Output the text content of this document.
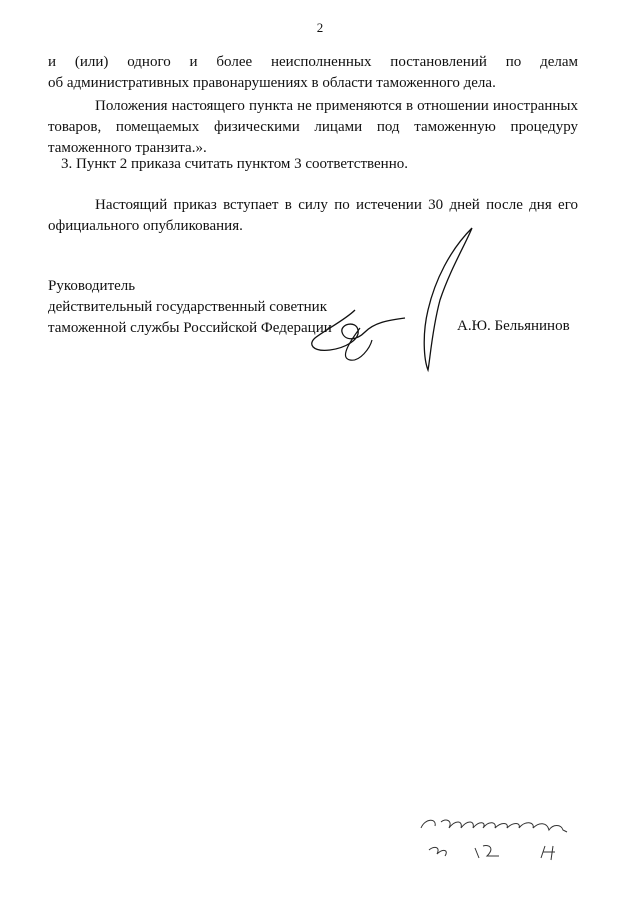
2
и (или) одного и более неисполненных постановлений по делам
об административных правонарушениях в области таможенного дела.
Положения настоящего пункта не применяются в отношении иностранных
товаров, помещаемых физическими лицами под таможенную процедуру
таможенного транзита.».
3. Пункт 2 приказа считать пунктом 3 соответственно.
Настоящий приказ вступает в силу по истечении 30 дней после дня его
официального опубликования.
Руководитель
действительный государственный советник
таможенной службы Российской Федерации	А.Ю. Бельянинов
